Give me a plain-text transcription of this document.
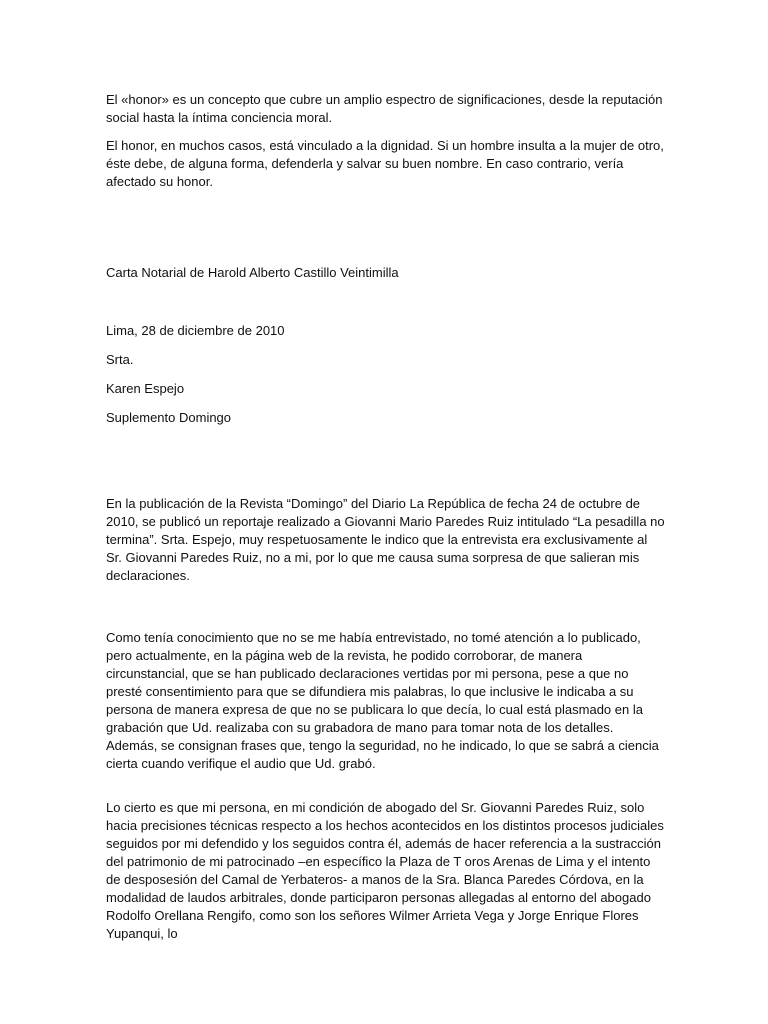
El «honor» es un concepto que cubre un amplio espectro de significaciones, desde la reputación social hasta la íntima conciencia moral.

El honor, en muchos casos, está vinculado a la dignidad. Si un hombre insulta a la mujer de otro, éste debe, de alguna forma, defenderla y salvar su buen nombre. En caso contrario, vería afectado su honor.

Carta Notarial de Harold Alberto Castillo Veintimilla

Lima, 28 de diciembre de 2010

Srta.

Karen Espejo

Suplemento Domingo

En la publicación de la Revista “Domingo” del Diario La República de fecha 24 de octubre de 2010, se publicó un reportaje realizado a Giovanni Mario Paredes Ruiz intitulado “La pesadilla no termina”. Srta. Espejo, muy respetuosamente le indico que la entrevista era exclusivamente al Sr. Giovanni Paredes Ruiz, no a mi, por lo que me causa suma sorpresa de que salieran mis declaraciones.

Como tenía conocimiento que no se me había entrevistado, no tomé atención a lo publicado, pero actualmente, en la página web de la revista, he podido corroborar, de manera circunstancial, que se han publicado declaraciones vertidas por mi persona, pese a que no presté consentimiento para que se difundiera mis palabras, lo que inclusive le indicaba a su persona de manera expresa de que no se publicara lo que decía, lo cual está plasmado en la grabación que Ud. realizaba con su grabadora de mano para tomar nota de los detalles. Además, se consignan frases que, tengo la seguridad, no he indicado, lo que se sabrá a ciencia cierta cuando verifique el audio que Ud. grabó.

Lo cierto es que mi persona, en mi condición de abogado del Sr. Giovanni Paredes Ruiz, solo hacia precisiones técnicas respecto a los hechos acontecidos en los distintos procesos judiciales seguidos por mi defendido y los seguidos contra él, además de hacer referencia a la sustracción del patrimonio de mi patrocinado –en específico la Plaza de T oros Arenas de Lima y el intento de desposesión del Camal de Yerbateros- a manos de la Sra. Blanca Paredes Córdova, en la modalidad de laudos arbitrales, donde participaron personas allegadas al entorno del abogado Rodolfo Orellana Rengifo, como son los señores Wilmer Arrieta Vega y Jorge Enrique Flores Yupanqui, lo
